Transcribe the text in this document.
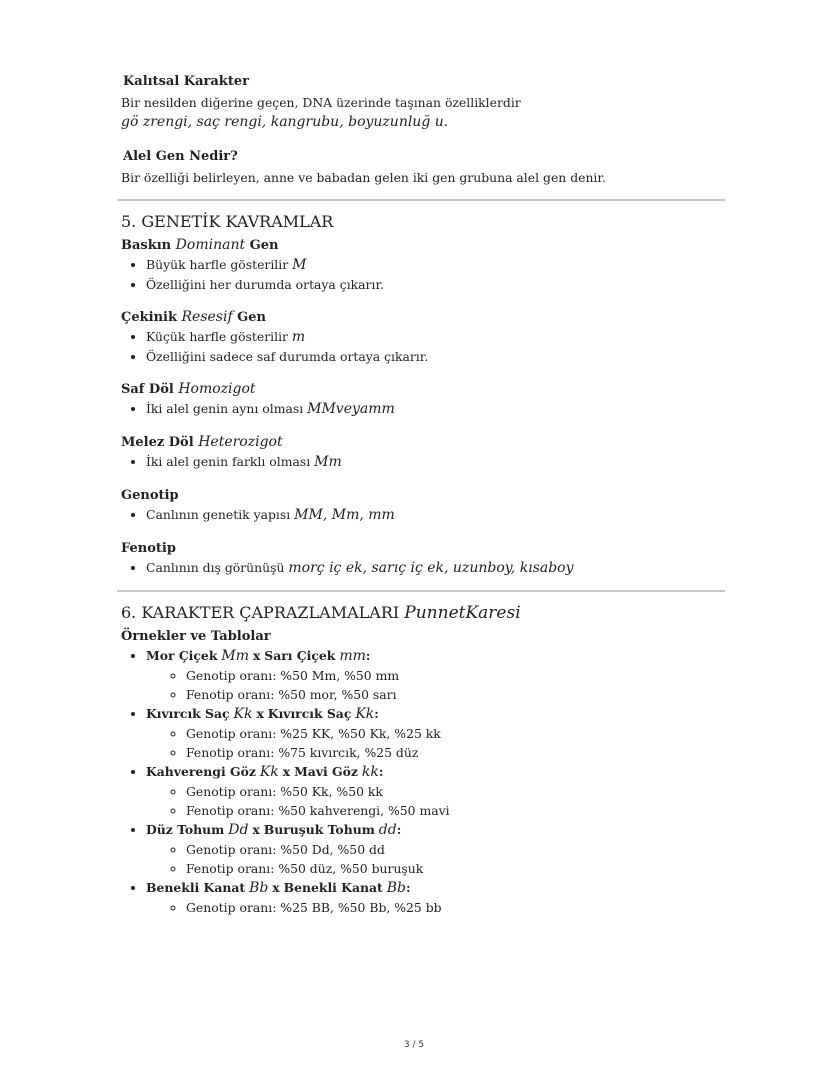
Kalıtsal Karakter

Bir nesilden diğerine geçen, DNA üzerinde taşınan özelliklerdir

gö zrengi, saç rengi, kangrubu, boyuzunluğ u.

Alel Gen Nedir?

Bir özelliği belirleyen, anne ve babadan gelen iki gen grubuna alel gen denir.

5. GENETİK KAVRAMLAR
Baskın Dominant Gen
• Büyük harfle gösterilir M
• Özelliğini her durumda ortaya çıkarır.
Çekinik Resesif Gen
• Küçük harfle gösterilir m
• Özelliğini sadece saf durumda ortaya çıkarır.
Saf Döl Homozigot
• İki alel genin aynı olması MMveyamm
Melez Döl Heterozigot
• İki alel genin farklı olması Mm
Genotip
• Canlının genetik yapısı MM, Mm, mm
Fenotip
• Canlının dış görünüşü morç iç ek, sarıç iç ek, uzunboy, kısaboy
6. KARAKTER ÇAPRAZLAMALARI PunnetKaresi
Örnekler ve Tablolar
• Mor Çiçek Mm x Sarı Çiçek mm:
◦ Genotip oranı: %50 Mm, %50 mm
◦ Fenotip oranı: %50 mor, %50 sarı
• Kıvırcık Saç Kk x Kıvırcık Saç Kk:
◦ Genotip oranı: %25 KK, %50 Kk, %25 kk
◦ Fenotip oranı: %75 kıvırcık, %25 düz
• Kahverengi Göz Kk x Mavi Göz kk:
◦ Genotip oranı: %50 Kk, %50 kk
◦ Fenotip oranı: %50 kahverengi, %50 mavi
• Düz Tohum Dd x Buruşuk Tohum dd:
◦ Genotip oranı: %50 Dd, %50 dd
◦ Fenotip oranı: %50 düz, %50 buruşuk
• Benekli Kanat Bb x Benekli Kanat Bb:
◦ Genotip oranı: %25 BB, %50 Bb, %25 bb
3 / 5
